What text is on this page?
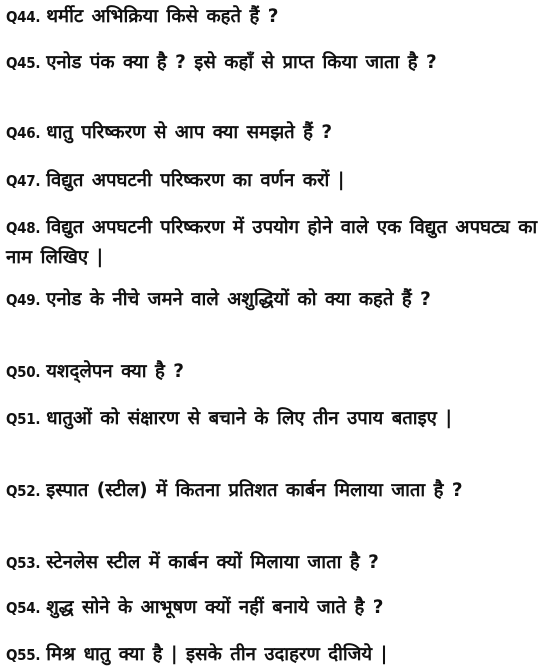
Q44. थर्मीट अभिक्रिया किसे कहते हैं ?
Q45. एनोड पंक क्या है ? इसे कहाँ से प्राप्त किया जाता है ?
Q46. धातु परिष्करण से आप क्या समझते हैं ?
Q47. विद्युत अपघटनी परिष्करण का वर्णन करों |
Q48. विद्युत अपघटनी परिष्करण में उपयोग होने वाले एक विद्युत अपघट्य का नाम लिखिए |
Q49. एनोड के नीचे जमने वाले अशुद्धियों को क्या कहते हैं ?
Q50. यशद्लेपन क्या है ?
Q51. धातुओं को संक्षारण से बचाने के लिए तीन उपाय बताइए |
Q52. इस्पात (स्टील) में कितना प्रतिशत कार्बन मिलाया जाता है ?
Q53. स्टेनलेस स्टील में कार्बन क्यों मिलाया जाता है ?
Q54. शुद्ध सोने के आभूषण क्यों नहीं बनाये जाते है ?
Q55. मिश्र धातु क्या है | इसके तीन उदाहरण दीजिये |
